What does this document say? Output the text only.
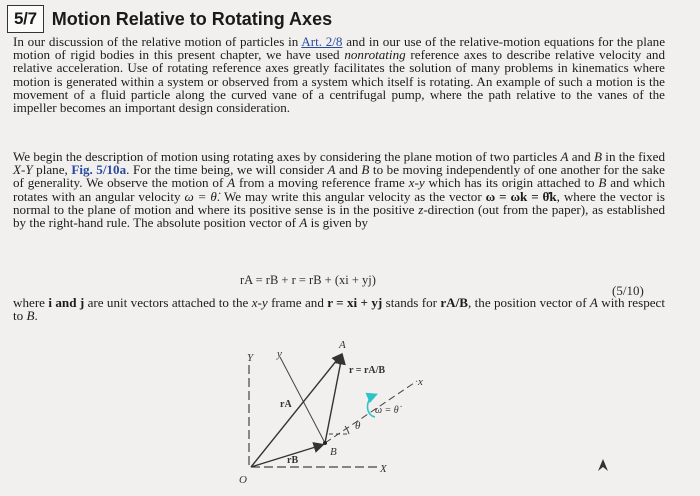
5/7 Motion Relative to Rotating Axes

In our discussion of the relative motion of particles in Art. 2/8 and in our use of the relative-motion equations for the plane motion of rigid bodies in this present chapter, we have used nonrotating reference axes to describe relative velocity and relative acceleration. Use of rotating reference axes greatly facilitates the solution of many problems in kinematics where motion is generated within a system or observed from a system which itself is rotating. An example of such a motion is the movement of a fluid particle along the curved vane of a centrifugal pump, where the path relative to the vanes of the impeller becomes an important design consideration.

We begin the description of motion using rotating axes by considering the plane motion of two particles A and B in the fixed X-Y plane, Fig. 5/10a. For the time being, we will consider A and B to be moving independently of one another for the sake of generality. We observe the motion of A from a moving reference frame x-y which has its origin attached to B and which rotates with an angular velocity ω = θ̇. We may write this angular velocity as the vector ω = ωk = θ̇k, where the vector is normal to the plane of motion and where its positive sense is in the positive z-direction (out from the paper), as established by the right-hand rule. The absolute position vector of A is given by

rA = rB + r = rB + (xi + yj)
(5/10)

where i and j are unit vectors attached to the x-y frame and r = xi + yj stands for rA/B, the position vector of A with respect to B.

Y y
A
r = rA/B
x
rA
ω = θ̇
θ
B
rB
X
O
